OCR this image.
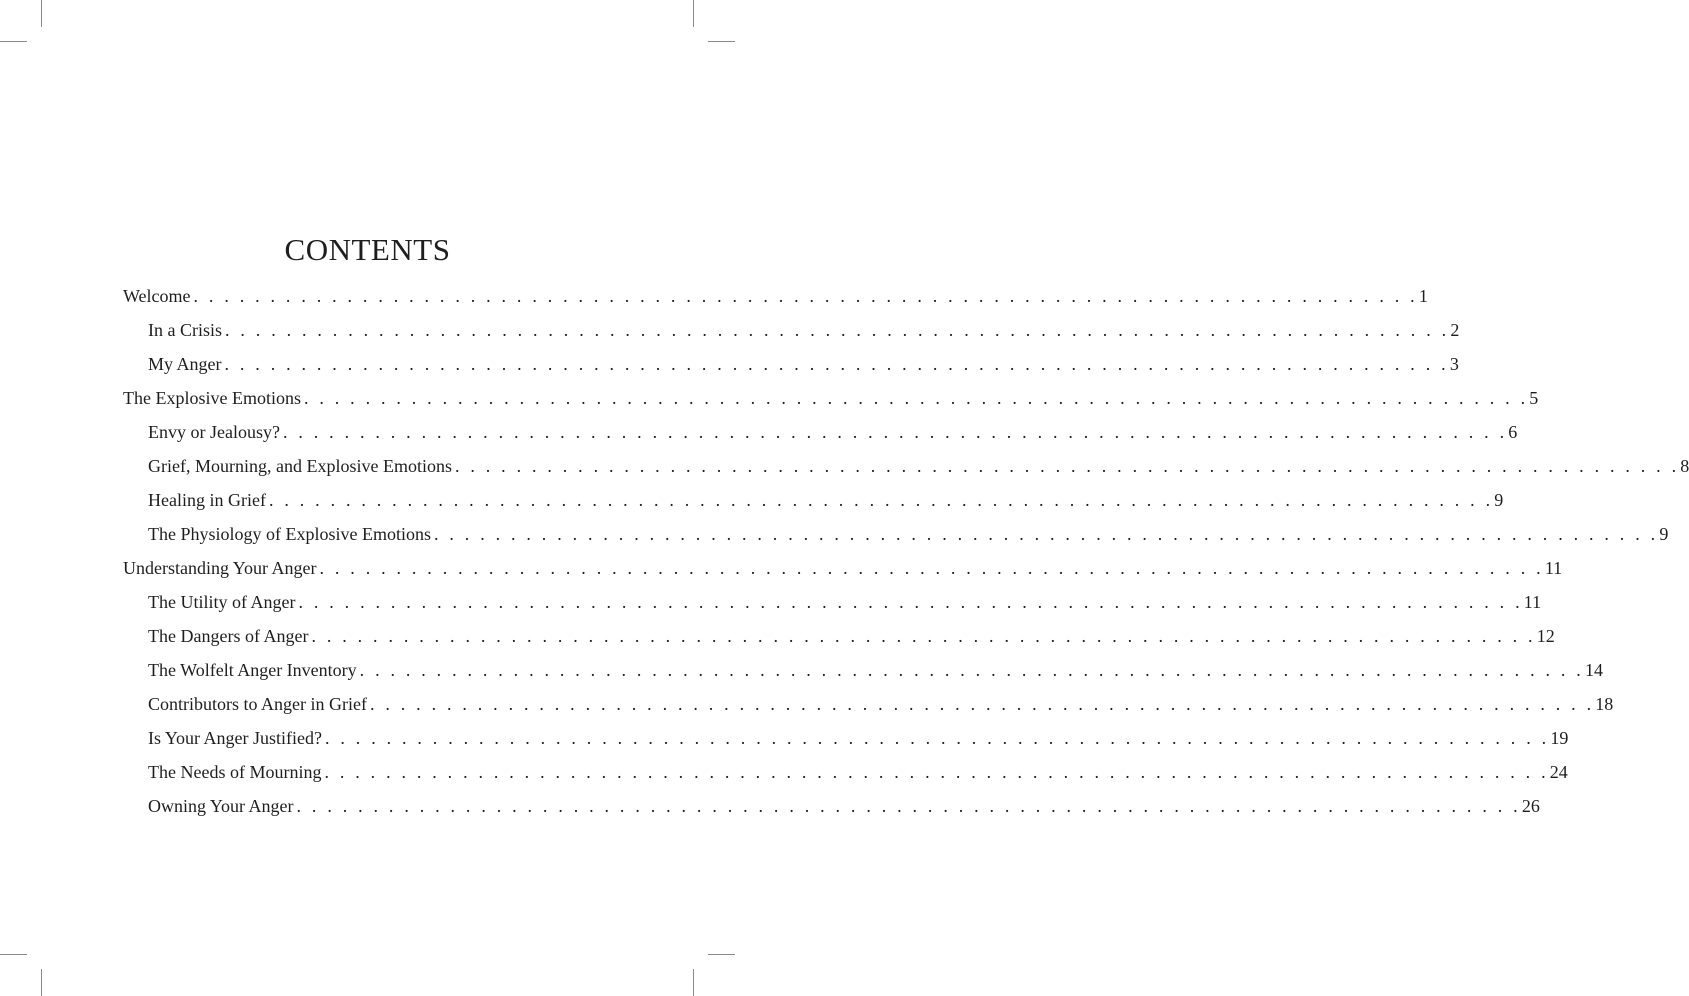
CONTENTS
Welcome . . . . . . . . . . . . . . . . . . . . . . . . . . . . . . . . . . . . . . . . . . . . . . . . . . . . . . . . . . . . . . . . . . . . . . . . . . . . . . . . 1
In a Crisis . . . . . . . . . . . . . . . . . . . . . . . . . . . . . . . . . . . . . . . . . . . . . . . . . . . . . . . . . . . . . . . . . . . . . . . . . . . . . . . . 2
My Anger . . . . . . . . . . . . . . . . . . . . . . . . . . . . . . . . . . . . . . . . . . . . . . . . . . . . . . . . . . . . . . . . . . . . . . . . . . . . . . . . 3
The Explosive Emotions . . . . . . . . . . . . . . . . . . . . . . . . . . . . . . . . . . . . . . . . . . . . . . . . . . . . . . . . . . . . . . . . . . . . . . . . . . . . . . . . 5
Envy or Jealousy? . . . . . . . . . . . . . . . . . . . . . . . . . . . . . . . . . . . . . . . . . . . . . . . . . . . . . . . . . . . . . . . . . . . . . . . . . . . . . . . . 6
Grief, Mourning, and Explosive Emotions . . . . . . . . . . . . . . . . . . . . . . . . . . . . . . . . . . . . . . . . . . . . . . . . . . . . . . . . . . . . . . . . . . . . . . . . . . . . . . . . 8
Healing in Grief . . . . . . . . . . . . . . . . . . . . . . . . . . . . . . . . . . . . . . . . . . . . . . . . . . . . . . . . . . . . . . . . . . . . . . . . . . . . . . . . 9
The Physiology of Explosive Emotions . . . . . . . . . . . . . . . . . . . . . . . . . . . . . . . . . . . . . . . . . . . . . . . . . . . . . . . . . . . . . . . . . . . . . . . . . . . . . . . . 9
Understanding Your Anger . . . . . . . . . . . . . . . . . . . . . . . . . . . . . . . . . . . . . . . . . . . . . . . . . . . . . . . . . . . . . . . . . . . . . . . . . . . . . . . . 11
The Utility of Anger . . . . . . . . . . . . . . . . . . . . . . . . . . . . . . . . . . . . . . . . . . . . . . . . . . . . . . . . . . . . . . . . . . . . . . . . . . . . . . . . 11
The Dangers of Anger . . . . . . . . . . . . . . . . . . . . . . . . . . . . . . . . . . . . . . . . . . . . . . . . . . . . . . . . . . . . . . . . . . . . . . . . . . . . . . . . 12
The Wolfelt Anger Inventory . . . . . . . . . . . . . . . . . . . . . . . . . . . . . . . . . . . . . . . . . . . . . . . . . . . . . . . . . . . . . . . . . . . . . . . . . . . . . . . . 14
Contributors to Anger in Grief . . . . . . . . . . . . . . . . . . . . . . . . . . . . . . . . . . . . . . . . . . . . . . . . . . . . . . . . . . . . . . . . . . . . . . . . . . . . . . . . 18
Is Your Anger Justified? . . . . . . . . . . . . . . . . . . . . . . . . . . . . . . . . . . . . . . . . . . . . . . . . . . . . . . . . . . . . . . . . . . . . . . . . . . . . . . . . 19
The Needs of Mourning . . . . . . . . . . . . . . . . . . . . . . . . . . . . . . . . . . . . . . . . . . . . . . . . . . . . . . . . . . . . . . . . . . . . . . . . . . . . . . . . 24
Owning Your Anger . . . . . . . . . . . . . . . . . . . . . . . . . . . . . . . . . . . . . . . . . . . . . . . . . . . . . . . . . . . . . . . . . . . . . . . . . . . . . . . . 26
